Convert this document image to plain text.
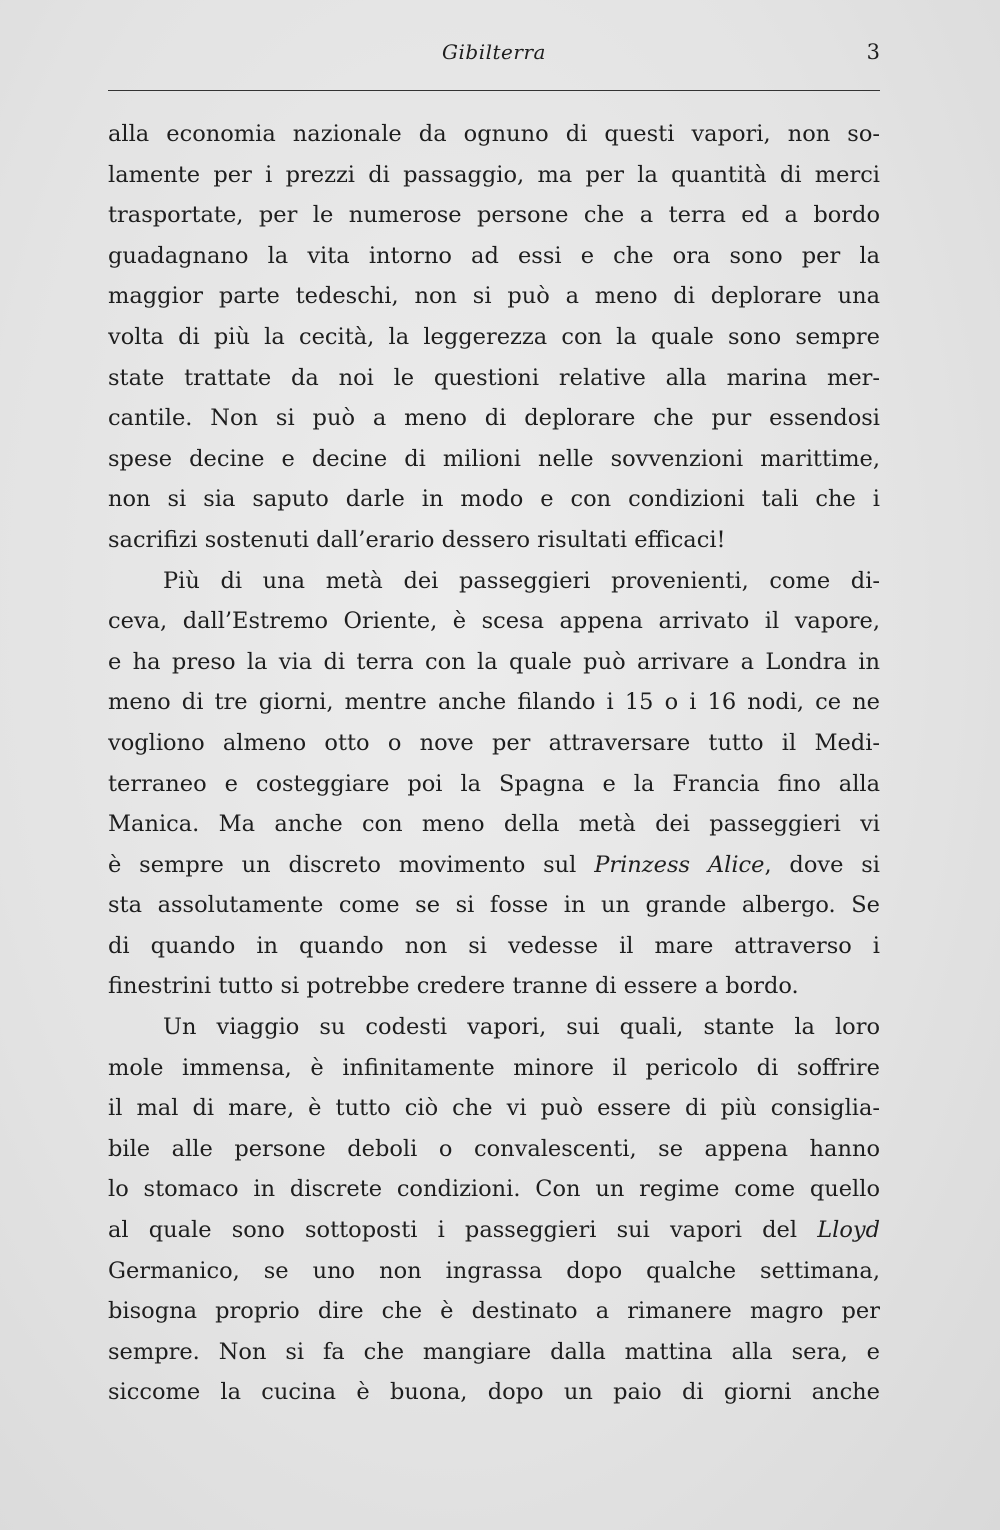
Gibilterra	3
alla economia nazionale da ognuno di questi vapori, non so-
lamente per i prezzi di passaggio, ma per la quantità di merci
trasportate, per le numerose persone che a terra ed a bordo
guadagnano la vita intorno ad essi e che ora sono per la
maggior parte tedeschi, non si può a meno di deplorare una
volta di più la cecità, la leggerezza con la quale sono sempre
state trattate da noi le questioni relative alla marina mer-
cantile. Non si può a meno di deplorare che pur essendosi
spese decine e decine di milioni nelle sovvenzioni marittime,
non si sia saputo darle in modo e con condizioni tali che i
sacrifizi sostenuti dall’erario dessero risultati efficaci!
Più di una metà dei passeggieri provenienti, come di-
ceva, dall’Estremo Oriente, è scesa appena arrivato il vapore,
e ha preso la via di terra con la quale può arrivare a Londra in
meno di tre giorni, mentre anche filando i 15 o i 16 nodi, ce ne
vogliono almeno otto o nove per attraversare tutto il Medi-
terraneo e costeggiare poi la Spagna e la Francia fino alla
Manica. Ma anche con meno della metà dei passeggieri vi
è sempre un discreto movimento sul Prinzess Alice, dove si
sta assolutamente come se si fosse in un grande albergo. Se
di quando in quando non si vedesse il mare attraverso i
finestrini tutto si potrebbe credere tranne di essere a bordo.
Un viaggio su codesti vapori, sui quali, stante la loro
mole immensa, è infinitamente minore il pericolo di soffrire
il mal di mare, è tutto ciò che vi può essere di più consiglia-
bile alle persone deboli o convalescenti, se appena hanno
lo stomaco in discrete condizioni. Con un regime come quello
al quale sono sottoposti i passeggieri sui vapori del Lloyd
Germanico, se uno non ingrassa dopo qualche settimana,
bisogna proprio dire che è destinato a rimanere magro per
sempre. Non si fa che mangiare dalla mattina alla sera, e
siccome la cucina è buona, dopo un paio di giorni anche
